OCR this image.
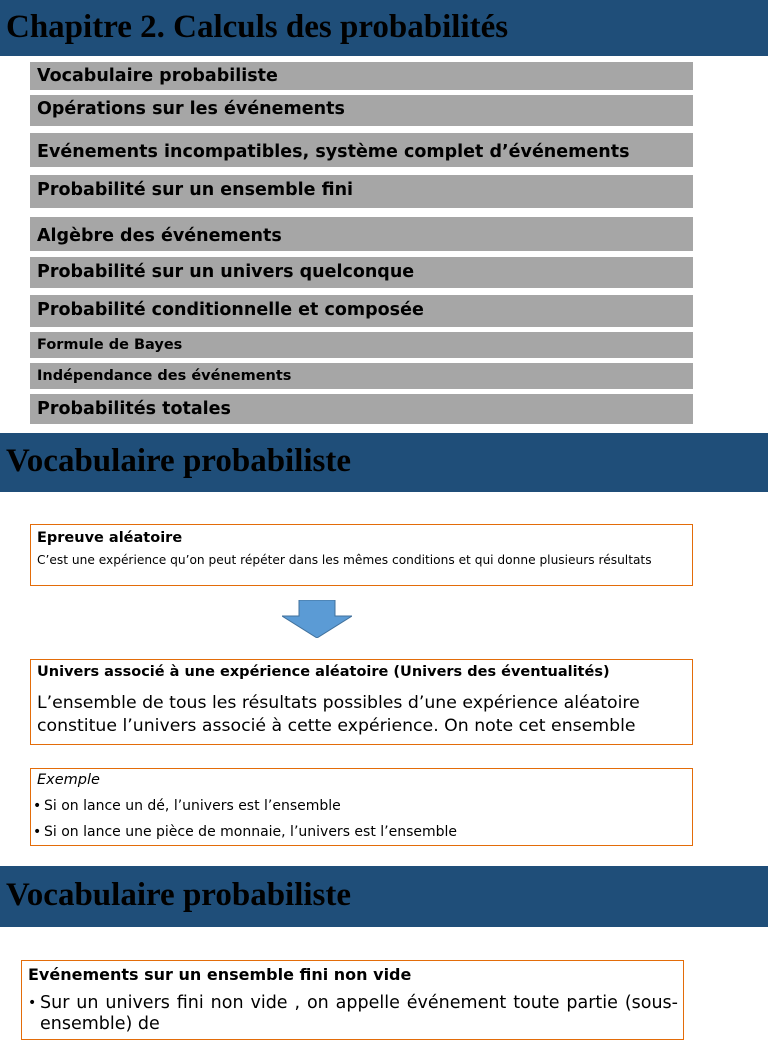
Chapitre 2. Calculs des probabilités
Vocabulaire probabiliste
Opérations sur les événements
Evénements incompatibles, système complet d’événements
Probabilité sur un ensemble fini
Algèbre des événements
Probabilité sur un univers quelconque
Probabilité conditionnelle et composée
Formule de Bayes
Indépendance des événements
Probabilités totales
Vocabulaire probabiliste
Epreuve aléatoire
C’est une expérience qu’on peut répéter dans les mêmes conditions et qui donne plusieurs résultats
Univers associé à une expérience aléatoire (Univers des éventualités)
L’ensemble de tous les résultats possibles d’une expérience aléatoire
constitue l’univers associé à cette expérience. On note cet ensemble
Exemple
• Si on lance un dé, l’univers est l’ensemble
• Si on lance une pièce de monnaie, l’univers est l’ensemble
Vocabulaire probabiliste
Evénements sur un ensemble fini non vide
• Sur un univers fini non vide , on appelle événement toute partie (sous-ensemble) de
